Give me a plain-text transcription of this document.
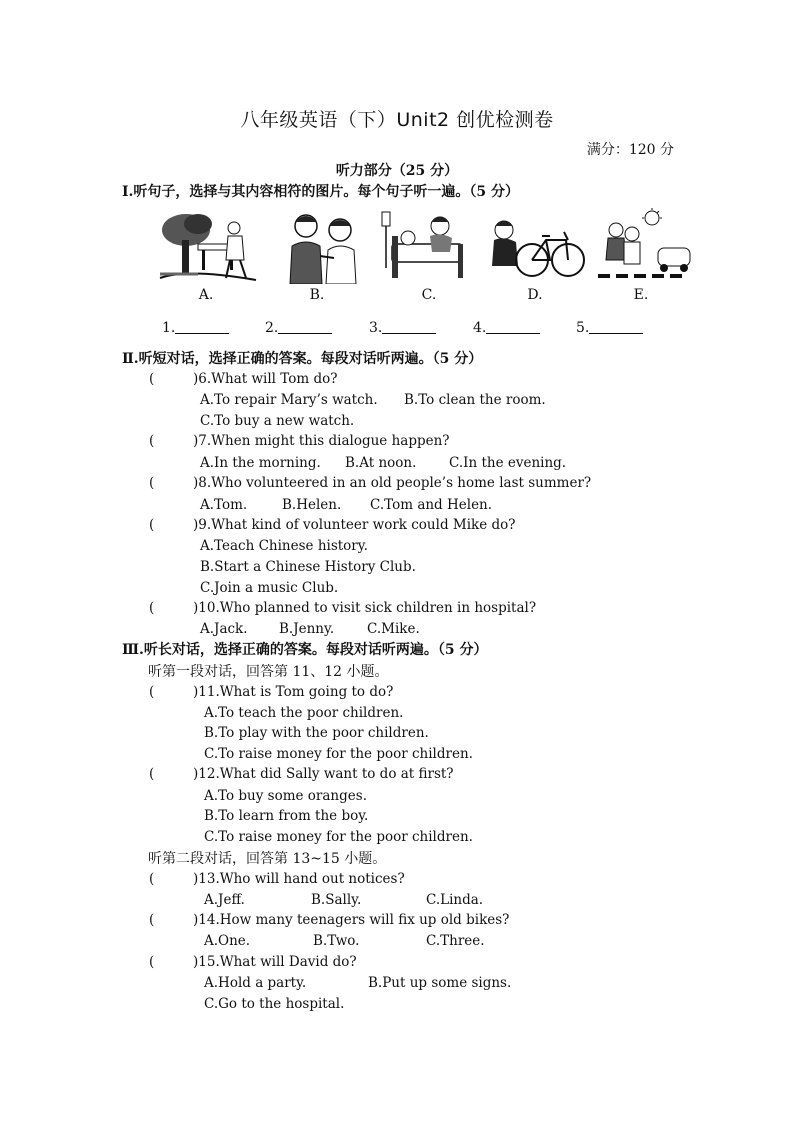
八年级英语（下）Unit2 创优检测卷
满分：120 分
听力部分（25 分）
Ⅰ.听句子，选择与其内容相符的图片。每个句子听一遍。（5 分）
A.	B.	C.	D.	E.
1.	2.	3.	4.	5.
Ⅱ.听短对话，选择正确的答案。每段对话听两遍。（5 分）
(	)6.What will Tom do?
A.To repair Mary’s watch. B.To clean the room.
C.To buy a new watch.
(	)7.When might this dialogue happen?
A.In the morning. B.At noon. C.In the evening.
(	)8.Who volunteered in an old people’s home last summer?
A.Tom.	B.Helen. C.Tom and Helen.
(	)9.What kind of volunteer work could Mike do?
A.Teach Chinese history.
B.Start a Chinese History Club.
C.Join a music Club.
(	)10.Who planned to visit sick children in hospital?
A.Jack. B.Jenny. C.Mike.
Ⅲ.听长对话，选择正确的答案。每段对话听两遍。（5 分）
听第一段对话，回答第 11、12 小题。
(	)11.What is Tom going to do?
A.To teach the poor children.
B.To play with the poor children.
C.To raise money for the poor children.
(	)12.What did Sally want to do at first?
A.To buy some oranges.
B.To learn from the boy.
C.To raise money for the poor children.
听第二段对话，回答第 13~15 小题。
(	)13.Who will hand out notices?
A.Jeff.	B.Sally.	C.Linda.
(	)14.How many teenagers will fix up old bikes?
A.One.	B.Two.	C.Three.
(	)15.What will David do?
A.Hold a party.	B.Put up some signs.
C.Go to the hospital.
